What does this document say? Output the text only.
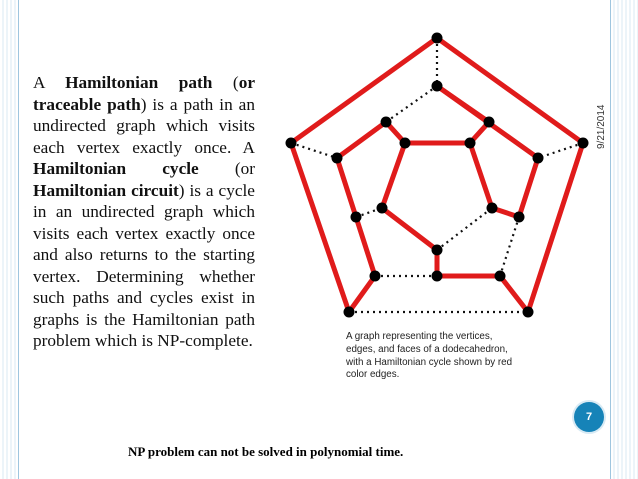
A Hamiltonian path (or traceable path) is a path in an undirected graph which visits each vertex exactly once. A Hamiltonian cycle (or Hamiltonian circuit) is a cycle in an undirected graph which visits each vertex exactly once and also returns to the starting vertex. Determining whether such paths and cycles exist in graphs is the Hamiltonian path problem which is NP-complete.
9/21/2014
A graph representing the vertices, edges, and faces of a dodecahedron, with a Hamiltonian cycle shown by red color edges.
7
NP problem can not be solved in polynomial time.
